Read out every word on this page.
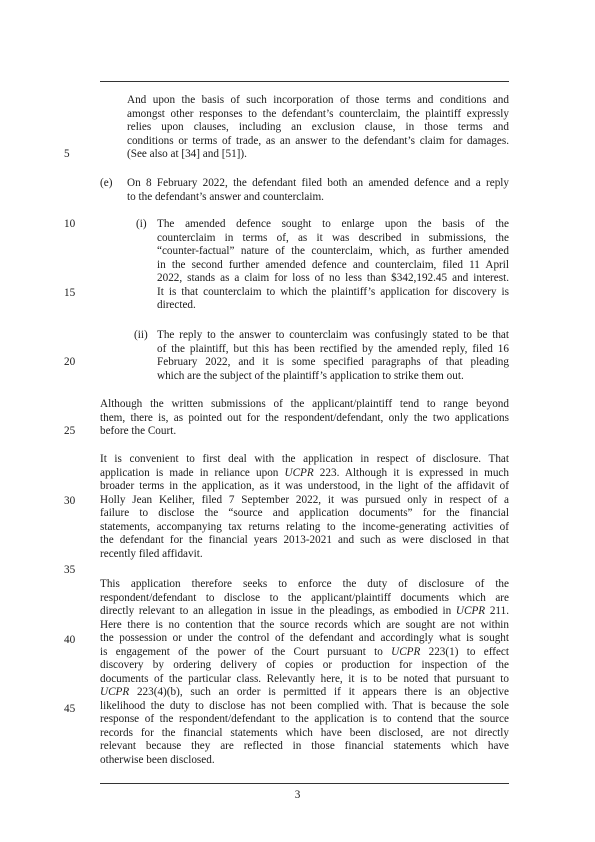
5
10
15
20
25
30
35
40
45
And upon the basis of such incorporation of those terms and conditions and
amongst other responses to the defendant’s counterclaim, the plaintiff expressly
relies upon clauses, including an exclusion clause, in those terms and
conditions or terms of trade, as an answer to the defendant’s claim for damages.
(See also at [34] and [51]).
(e) On 8 February 2022, the defendant filed both an amended defence and a reply
to the defendant’s answer and counterclaim.
(i) The amended defence sought to enlarge upon the basis of the
counterclaim in terms of, as it was described in submissions, the
“counter-factual” nature of the counterclaim, which, as further amended
in the second further amended defence and counterclaim, filed 11 April
2022, stands as a claim for loss of no less than $342,192.45 and interest.
It is that counterclaim to which the plaintiff’s application for discovery is
directed.
(ii) The reply to the answer to counterclaim was confusingly stated to be that
of the plaintiff, but this has been rectified by the amended reply, filed 16
February 2022, and it is some specified paragraphs of that pleading
which are the subject of the plaintiff’s application to strike them out.
Although the written submissions of the applicant/plaintiff tend to range beyond
them, there is, as pointed out for the respondent/defendant, only the two applications
before the Court.
It is convenient to first deal with the application in respect of disclosure. That
application is made in reliance upon UCPR 223. Although it is expressed in much
broader terms in the application, as it was understood, in the light of the affidavit of
Holly Jean Keliher, filed 7 September 2022, it was pursued only in respect of a
failure to disclose the “source and application documents” for the financial
statements, accompanying tax returns relating to the income-generating activities of
the defendant for the financial years 2013-2021 and such as were disclosed in that
recently filed affidavit.
This application therefore seeks to enforce the duty of disclosure of the
respondent/defendant to disclose to the applicant/plaintiff documents which are
directly relevant to an allegation in issue in the pleadings, as embodied in UCPR 211.
Here there is no contention that the source records which are sought are not within
the possession or under the control of the defendant and accordingly what is sought
is engagement of the power of the Court pursuant to UCPR 223(1) to effect
discovery by ordering delivery of copies or production for inspection of the
documents of the particular class. Relevantly here, it is to be noted that pursuant to
UCPR 223(4)(b), such an order is permitted if it appears there is an objective
likelihood the duty to disclose has not been complied with. That is because the sole
response of the respondent/defendant to the application is to contend that the source
records for the financial statements which have been disclosed, are not directly
relevant because they are reflected in those financial statements which have
otherwise been disclosed.
3
